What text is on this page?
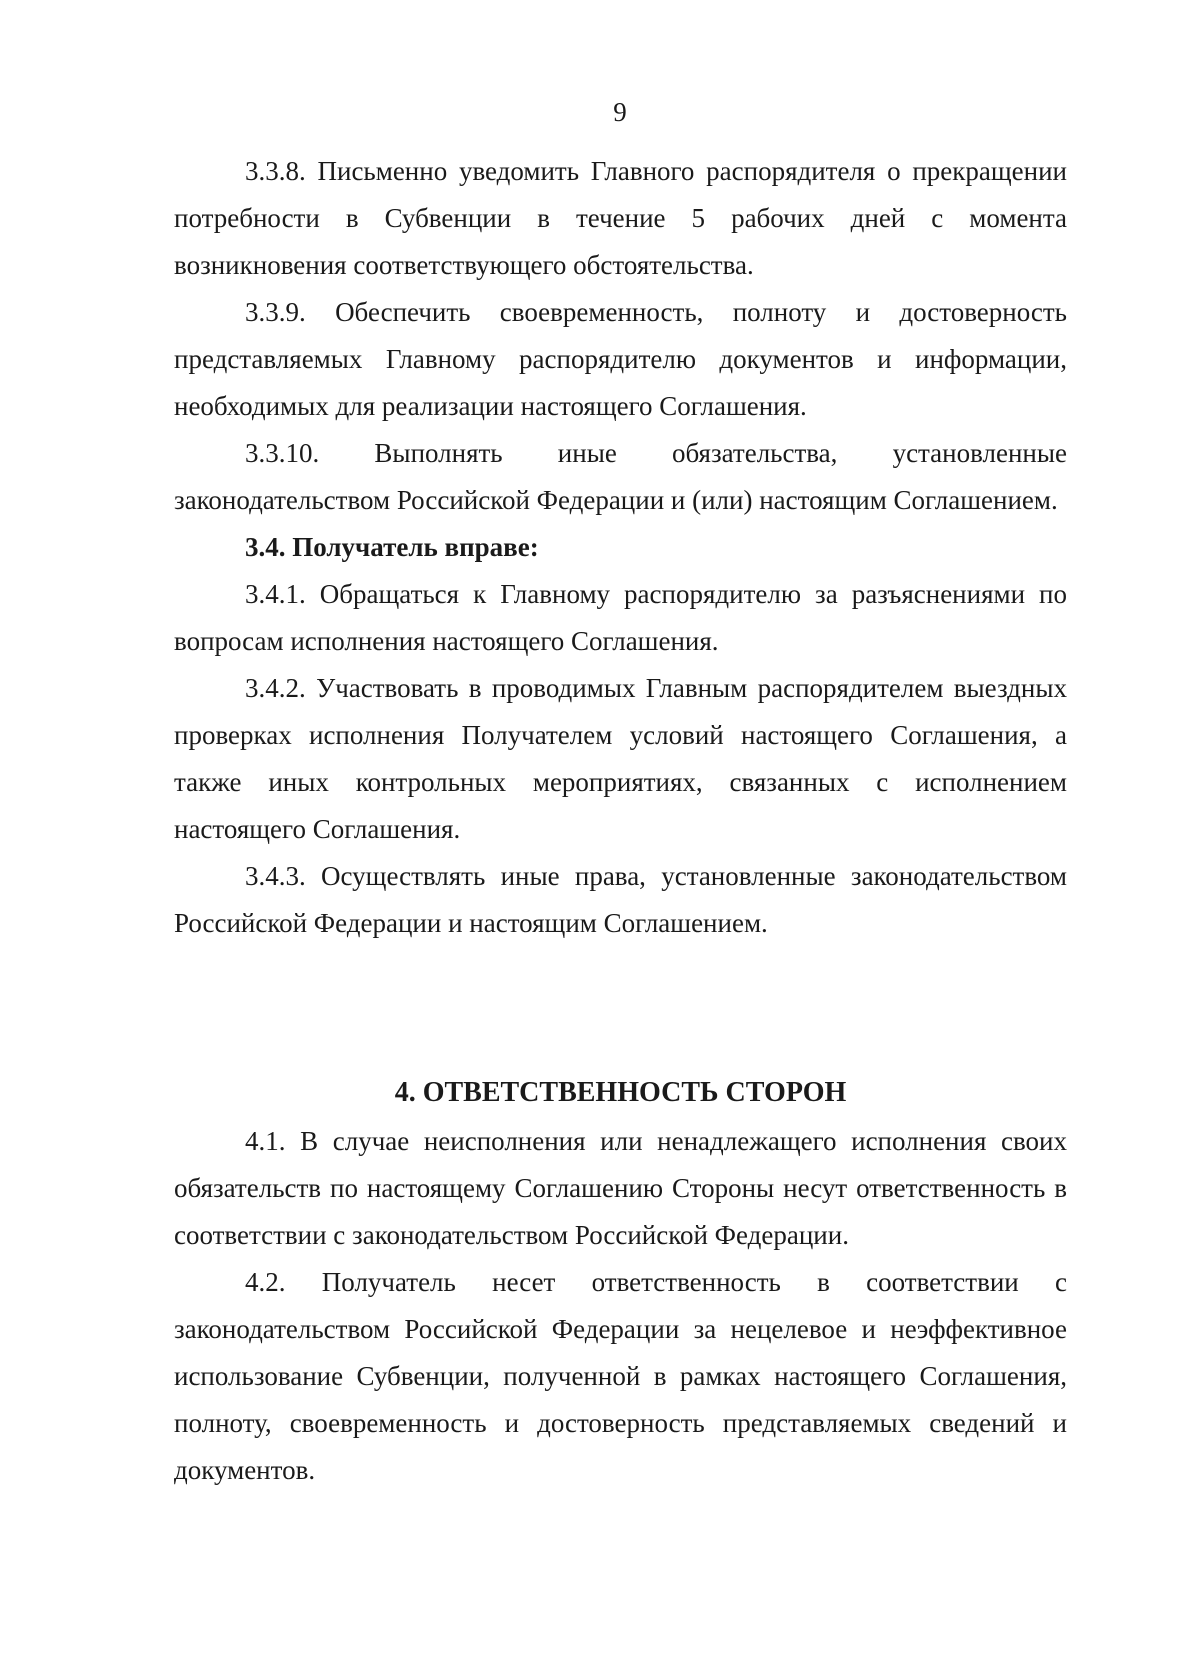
9

3.3.8. Письменно уведомить Главного распорядителя о прекращении потребности в Субвенции в течение 5 рабочих дней с момента возникновения соответствующего обстоятельства.

3.3.9. Обеспечить своевременность, полноту и достоверность представляемых Главному распорядителю документов и информации, необходимых для реализации настоящего Соглашения.

3.3.10. Выполнять иные обязательства, установленные законодательством Российской Федерации и (или) настоящим Соглашением.

3.4. Получатель вправе:

3.4.1. Обращаться к Главному распорядителю за разъяснениями по вопросам исполнения настоящего Соглашения.

3.4.2. Участвовать в проводимых Главным распорядителем выездных проверках исполнения Получателем условий настоящего Соглашения, а также иных контрольных мероприятиях, связанных с исполнением настоящего Соглашения.

3.4.3. Осуществлять иные права, установленные законодательством Российской Федерации и настоящим Соглашением.

4. ОТВЕТСТВЕННОСТЬ СТОРОН

4.1. В случае неисполнения или ненадлежащего исполнения своих обязательств по настоящему Соглашению Стороны несут ответственность в соответствии с законодательством Российской Федерации.

4.2. Получатель несет ответственность в соответствии с законодательством Российской Федерации за нецелевое и неэффективное использование Субвенции, полученной в рамках настоящего Соглашения, полноту, своевременность и достоверность представляемых сведений и документов.
